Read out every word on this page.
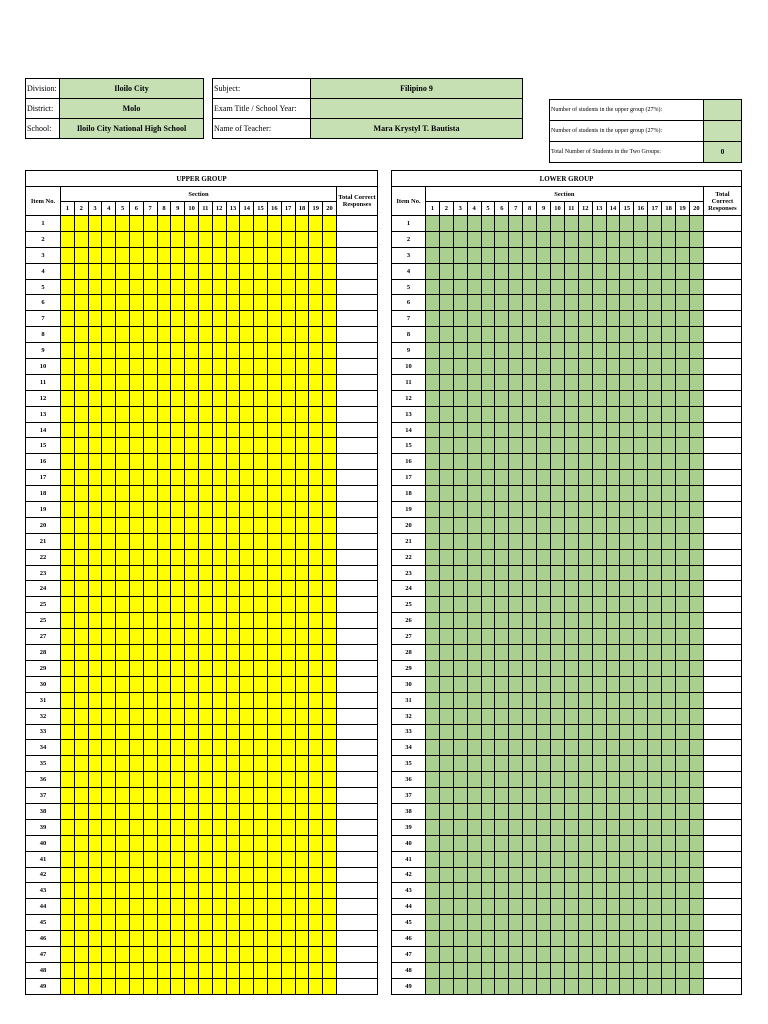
Division:	Iloilo City
District:	Molo
School:	Iloilo City National High School
Subject:	Filipino 9
Exam Title / School Year:	
Name of Teacher:	Mara Krystyl T. Bautista
Number of students in the upper group (27%):	
Number of students in the upper group (27%):	
Total Number of Students in the Two Groups:	0
UPPER GROUP																					
Item No.	Section																				Total Correct Responses
	1	2	3	4	5	6	7	8	9	10	11	12	13	14	15	16	17	18	19	20	
1																					
2																					
3																					
4																					
5																					
6																					
7																					
8																					
9																					
10																					
11																					
12																					
13																					
14																					
15																					
16																					
17																					
18																					
19																					
20																					
21																					
22																					
23																					
24																					
25																					
25																					
27																					
28																					
29																					
30																					
31																					
32																					
33																					
34																					
35																					
36																					
37																					
38																					
39																					
40																					
41																					
42																					
43																					
44																					
45																					
46																					
47																					
48																					
49																					
LOWER GROUP																					
Item No.	Section																				Total Correct Responses
	1	2	3	4	5	6	7	8	9	10	11	12	13	14	15	16	17	18	19	20	
1																					
2																					
3																					
4																					
5																					
6																					
7																					
8																					
9																					
10																					
11																					
12																					
13																					
14																					
15																					
16																					
17																					
18																					
19																					
20																					
21																					
22																					
23																					
24																					
25																					
26																					
27																					
28																					
29																					
30																					
31																					
32																					
33																					
34																					
35																					
36																					
37																					
38																					
39																					
40																					
41																					
42																					
43																					
44																					
45																					
46																					
47																					
48																					
49																					
